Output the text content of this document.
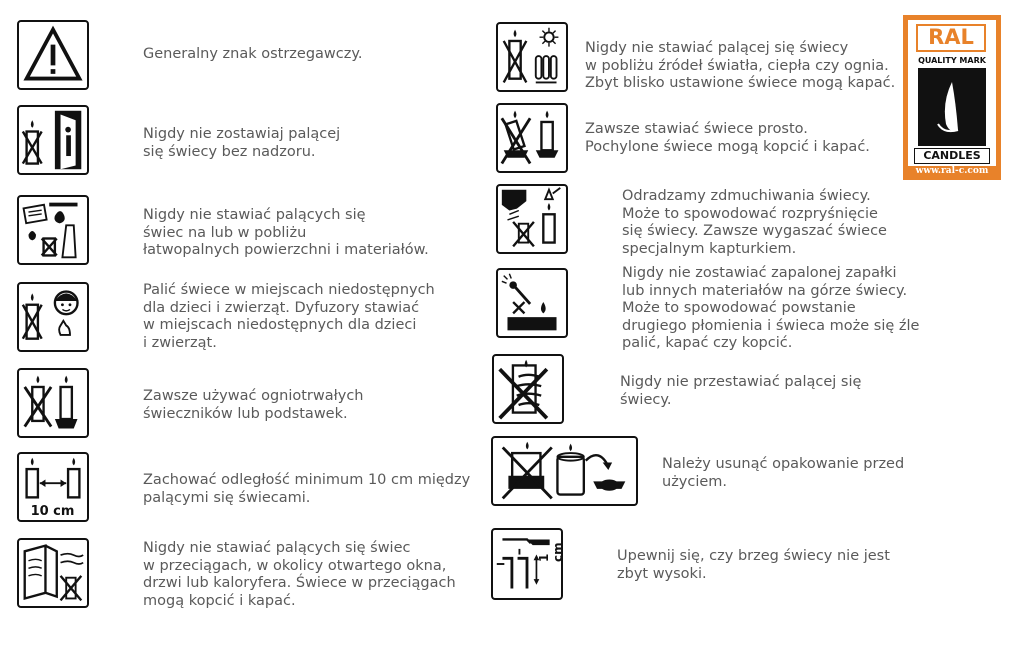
Generalny znak ostrzegawczy.
Nigdy nie zostawiaj palącej
się świecy bez nadzoru.
Nigdy nie stawiać palących się
świec na lub w pobliżu
łatwopalnych powierzchni i materiałów.
Palić świece w miejscach niedostępnych
dla dzieci i zwierząt. Dyfuzory stawiać
w miejscach niedostępnych dla dzieci
i zwierząt.
Zawsze używać ogniotrwałych
świeczników lub podstawek.
10 cm
Zachować odległość minimum 10 cm między
palącymi się świecami.
Nigdy nie stawiać palących się świec
w przeciągach, w okolicy otwartego okna,
drzwi lub kaloryfera. Świece w przeciągach
mogą kopcić i kapać.
Nigdy nie stawiać palącej się świecy
w pobliżu źródeł światła, ciepła czy ognia.
Zbyt blisko ustawione świece mogą kapać.
Zawsze stawiać świece prosto.
Pochylone świece mogą kopcić i kapać.
Odradzamy zdmuchiwania świecy.
Może to spowodować rozpryśnięcie
się świecy. Zawsze wygaszać świece
specjalnym kapturkiem.
Nigdy nie zostawiać zapalonej zapałki
lub innych materiałów na górze świecy.
Może to spowodować powstanie
drugiego płomienia i świeca może się źle
palić, kapać czy kopcić.
Nigdy nie przestawiać palącej się
świecy.
Należy usunąć opakowanie przed
użyciem.
1 cm	Upewnij się, czy brzeg świecy nie jest
zbyt wysoki.
RAL
QUALITY MARK
CANDLES
www.ral-c.com
